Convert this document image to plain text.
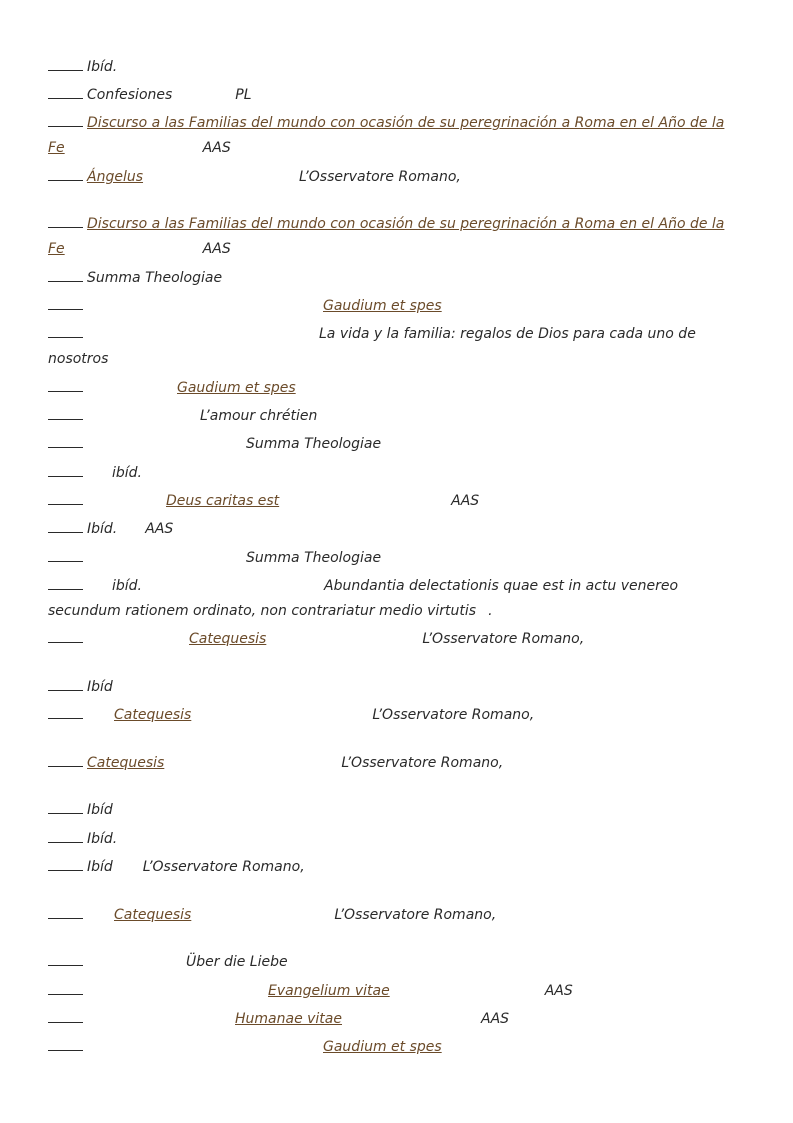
Ibíd.
Confesiones	PL
Discurso a las Familias del mundo con ocasión de su peregrinación a Roma en el Año de la
Fe	AAS
Ángelus	L’Osservatore Romano,
Discurso a las Familias del mundo con ocasión de su peregrinación a Roma en el Año de la
Fe	AAS
Summa Theologiae
Gaudium et spes
La vida y la familia: regalos de Dios para cada uno de
nosotros
Gaudium et spes
L’amour chrétien
Summa Theologiae
ibíd.
Deus caritas est	AAS
Ibíd. AAS
Summa Theologiae
ibíd.	Abundantia delectationis quae est in actu venereo
secundum rationem ordinato, non contrariatur medio virtutis .
Catequesis	L’Osservatore Romano,
Ibíd
Catequesis	L’Osservatore Romano,
Catequesis	L’Osservatore Romano,
Ibíd
Ibíd.
Ibíd L’Osservatore Romano,
Catequesis	L’Osservatore Romano,
Über die Liebe
Evangelium vitae	AAS
Humanae vitae	AAS
Gaudium et spes
